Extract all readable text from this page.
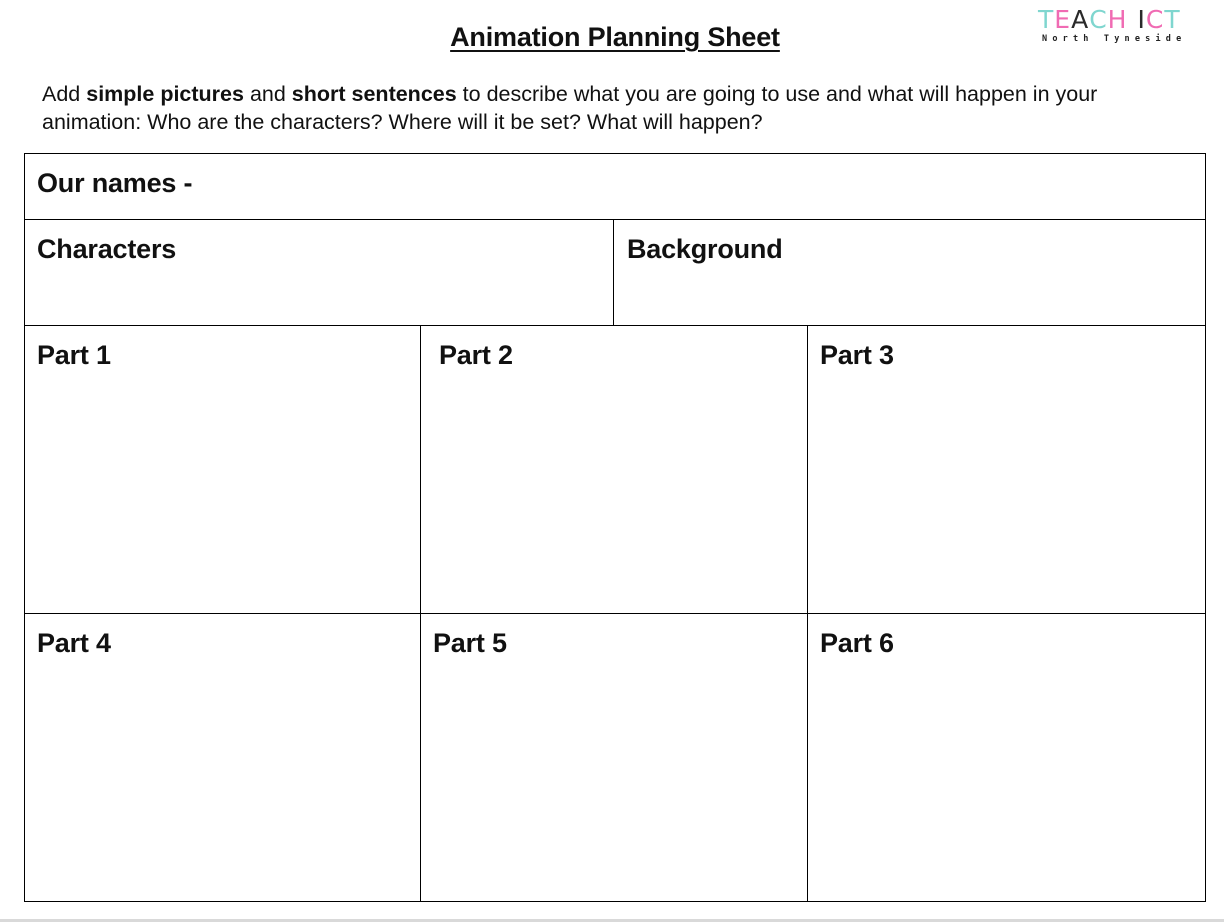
Animation Planning Sheet
TEACH ICT
North Tyneside

Add simple pictures and short sentences to describe what you are going to use and what will happen in your animation: Who are the characters? Where will it be set? What will happen?

Our names -
Characters	Background
Part 1	Part 2	Part 3
Part 4	Part 5	Part 6
